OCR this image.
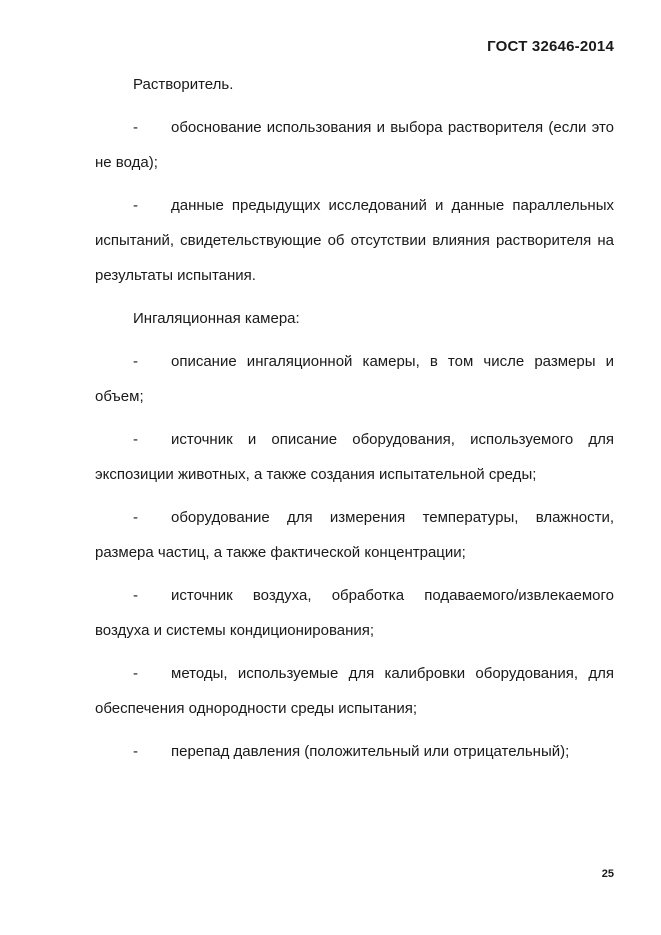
ГОСТ 32646-2014
Растворитель.
- обоснование использования и выбора растворителя (если это не вода);
- данные предыдущих исследований и данные параллельных испытаний, свидетельствующие об отсутствии влияния растворителя на результаты испытания.
Ингаляционная камера:
- описание ингаляционной камеры, в том числе размеры и объем;
- источник и описание оборудования, используемого для экспозиции животных, а также создания испытательной среды;
- оборудование для измерения температуры, влажности, размера частиц, а также фактической концентрации;
- источник воздуха, обработка подаваемого/извлекаемого воздуха и системы кондиционирования;
- методы, используемые для калибровки оборудования, для обеспечения однородности среды испытания;
- перепад давления (положительный или отрицательный);
25
